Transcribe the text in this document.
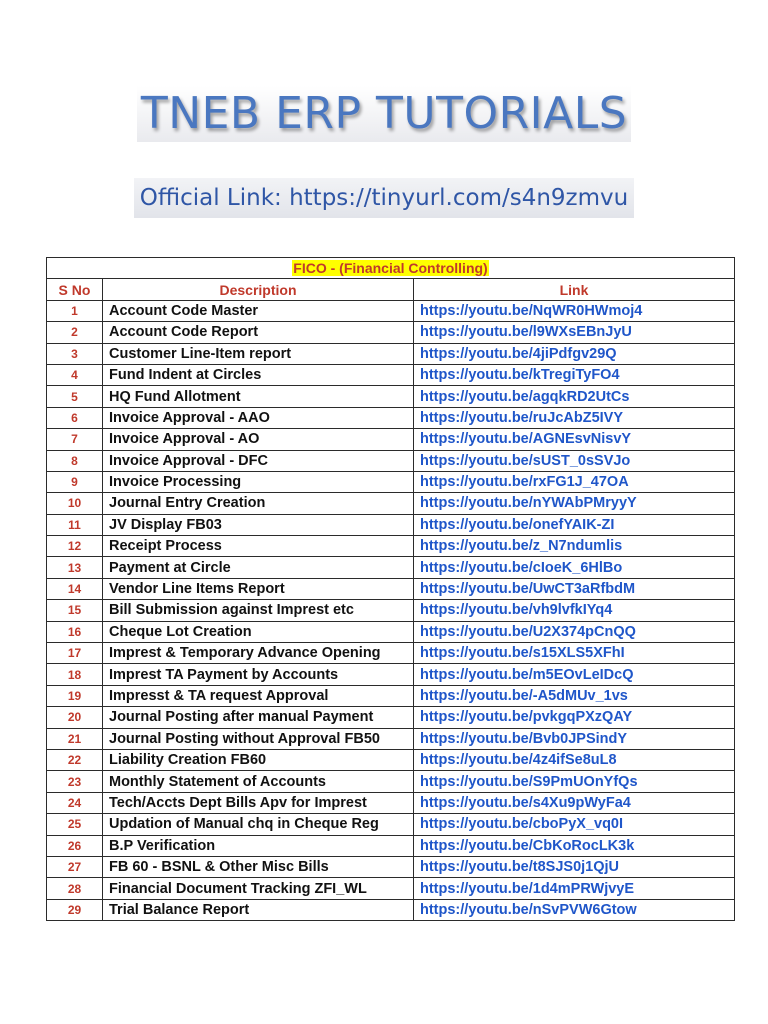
TNEB ERP TUTORIALS
Official Link: https://tinyurl.com/s4n9zmvu
FICO - (Financial Controlling)		
S No	Description	Link
1	Account Code Master	https://youtu.be/NqWR0HWmoj4
2	Account Code Report	https://youtu.be/l9WXsEBnJyU
3	Customer Line-Item report	https://youtu.be/4jiPdfgv29Q
4	Fund Indent at Circles	https://youtu.be/kTregiTyFO4
5	HQ Fund Allotment	https://youtu.be/agqkRD2UtCs
6	Invoice Approval - AAO	https://youtu.be/ruJcAbZ5IVY
7	Invoice Approval - AO	https://youtu.be/AGNEsvNisvY
8	Invoice Approval - DFC	https://youtu.be/sUST_0sSVJo
9	Invoice Processing	https://youtu.be/rxFG1J_47OA
10	Journal Entry Creation	https://youtu.be/nYWAbPMryyY
11	JV Display FB03	https://youtu.be/onefYAIK-ZI
12	Receipt Process	https://youtu.be/z_N7ndumlis
13	Payment at Circle	https://youtu.be/cIoeK_6HlBo
14	Vendor Line Items Report	https://youtu.be/UwCT3aRfbdM
15	Bill Submission against Imprest etc	https://youtu.be/vh9lvfkIYq4
16	Cheque Lot Creation	https://youtu.be/U2X374pCnQQ
17	Imprest & Temporary Advance Opening	https://youtu.be/s15XLS5XFhI
18	Imprest TA Payment by Accounts	https://youtu.be/m5EOvLeIDcQ
19	Impresst & TA request Approval	https://youtu.be/-A5dMUv_1vs
20	Journal Posting after manual Payment	https://youtu.be/pvkgqPXzQAY
21	Journal Posting without Approval FB50	https://youtu.be/Bvb0JPSindY
22	Liability Creation FB60	https://youtu.be/4z4ifSe8uL8
23	Monthly Statement of Accounts	https://youtu.be/S9PmUOnYfQs
24	Tech/Accts Dept Bills Apv for Imprest	https://youtu.be/s4Xu9pWyFa4
25	Updation of Manual chq in Cheque Reg	https://youtu.be/cboPyX_vq0I
26	B.P Verification	https://youtu.be/CbKoRocLK3k
27	FB 60 - BSNL & Other Misc Bills	https://youtu.be/t8SJS0j1QjU
28	Financial Document Tracking ZFI_WL	https://youtu.be/1d4mPRWjvyE
29	Trial Balance Report	https://youtu.be/nSvPVW6Gtow
